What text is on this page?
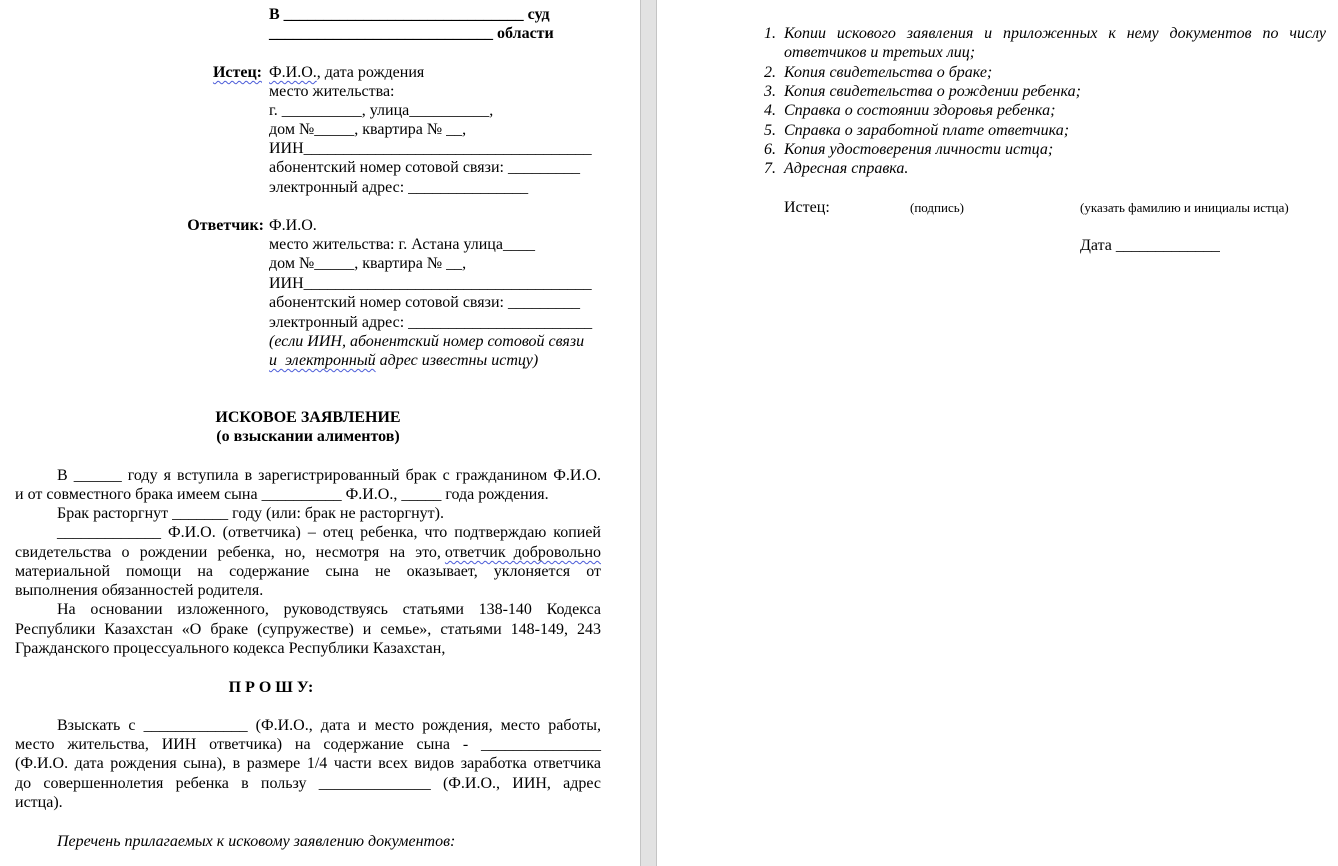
В ______________________________ суд
____________________________ области
Истец: Ф.И.О., дата рождения
место жительства:
г. __________, улица__________,
дом №_____, квартира № __,
ИИН____________________________________
абонентский номер сотовой связи: _________
электронный адрес: _______________
Ответчик: Ф.И.О.
место жительства: г. Астана улица____
дом №_____, квартира № __,
ИИН____________________________________
абонентский номер сотовой связи: _________
электронный адрес: _______________________
(если ИИН, абонентский номер сотовой связи
и  электронный адрес известны истцу)
ИСКОВОЕ ЗАЯВЛЕНИЕ
(о взыскании алиментов)
В ______ году я вступила в зарегистрированный брак с гражданином Ф.И.О.
и от совместного брака имеем сына __________ Ф.И.О., _____ года рождения.
Брак расторгнут _______ году (или: брак не расторгнут).
_____________ Ф.И.О. (ответчика) – отец ребенка, что подтверждаю копией
свидетельства о рождении ребенка, но, несмотря на это, ответчик  добровольно
материальной помощи на содержание сына не оказывает, уклоняется от
выполнения обязанностей родителя.
На основании изложенного, руководствуясь статьями 138-140 Кодекса
Республики Казахстан «О браке (супружестве) и семье», статьями 148-149, 243
Гражданского процессуального кодекса Республики Казахстан,
П Р О Ш У:
Взыскать с _____________ (Ф.И.О., дата и место рождения, место работы,
место жительства, ИИН ответчика) на содержание сына - _______________
(Ф.И.О. дата рождения сына), в размере 1/4 части всех видов заработка ответчика
до совершеннолетия ребенка в пользу ______________ (Ф.И.О., ИИН, адрес
истца).
Перечень прилагаемых к исковому заявлению документов:
1. Копии искового заявления и приложенных к нему документов по числу
ответчиков и третьих лиц;
2. Копия свидетельства о браке;
3. Копия свидетельства о рождении ребенка;
4. Справка о состоянии здоровья ребенка;
5. Справка о заработной плате ответчика;
6. Копия удостоверения личности истца;
7. Адресная справка.
Истец:	(подпись)	(указать фамилию и инициалы истца)
Дата _____________
